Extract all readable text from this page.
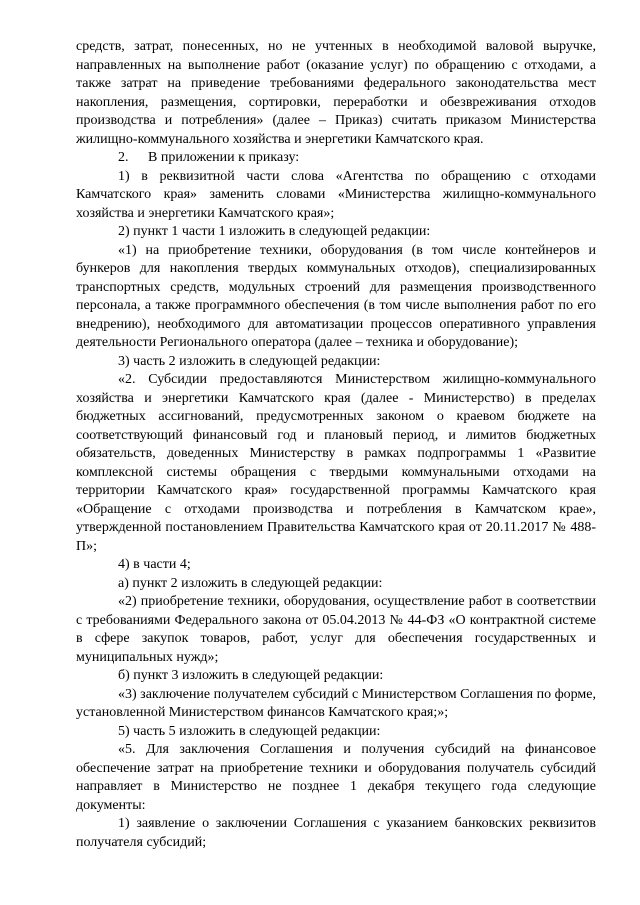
средств, затрат, понесенных, но не учтенных в необходимой валовой выручке, направленных на выполнение работ (оказание услуг) по обращению с отходами, а также затрат на приведение требованиями федерального законодательства мест накопления, размещения, сортировки, переработки и обезвреживания отходов производства и потребления» (далее – Приказ) считать приказом Министерства жилищно-коммунального хозяйства и энергетики Камчатского края.

2. В приложении к приказу:

1) в реквизитной части слова «Агентства по обращению с отходами Камчатского края» заменить словами «Министерства жилищно-коммунального хозяйства и энергетики Камчатского края»;

2) пункт 1 части 1 изложить в следующей редакции:

«1) на приобретение техники, оборудования (в том числе контейнеров и бункеров для накопления твердых коммунальных отходов), специализированных транспортных средств, модульных строений для размещения производственного персонала, а также программного обеспечения (в том числе выполнения работ по его внедрению), необходимого для автоматизации процессов оперативного управления деятельности Регионального оператора (далее – техника и оборудование);

3) часть 2 изложить в следующей редакции:

«2. Субсидии предоставляются Министерством жилищно-коммунального хозяйства и энергетики Камчатского края (далее - Министерство) в пределах бюджетных ассигнований, предусмотренных законом о краевом бюджете на соответствующий финансовый год и плановый период, и лимитов бюджетных обязательств, доведенных Министерству в рамках подпрограммы 1 «Развитие комплексной системы обращения с твердыми коммунальными отходами на территории Камчатского края» государственной программы Камчатского края «Обращение с отходами производства и потребления в Камчатском крае», утвержденной постановлением Правительства Камчатского края от 20.11.2017 № 488-П»;

4) в части 4;

а) пункт 2 изложить в следующей редакции:

«2) приобретение техники, оборудования, осуществление работ в соответствии с требованиями Федерального закона от 05.04.2013 № 44-ФЗ «О контрактной системе в сфере закупок товаров, работ, услуг для обеспечения государственных и муниципальных нужд»;

б) пункт 3 изложить в следующей редакции:

«3) заключение получателем субсидий с Министерством Соглашения по форме, установленной Министерством финансов Камчатского края;»;

5) часть 5 изложить в следующей редакции:

«5. Для заключения Соглашения и получения субсидий на финансовое обеспечение затрат на приобретение техники и оборудования получатель субсидий направляет в Министерство не позднее 1 декабря текущего года следующие документы:

1) заявление о заключении Соглашения с указанием банковских реквизитов получателя субсидий;
